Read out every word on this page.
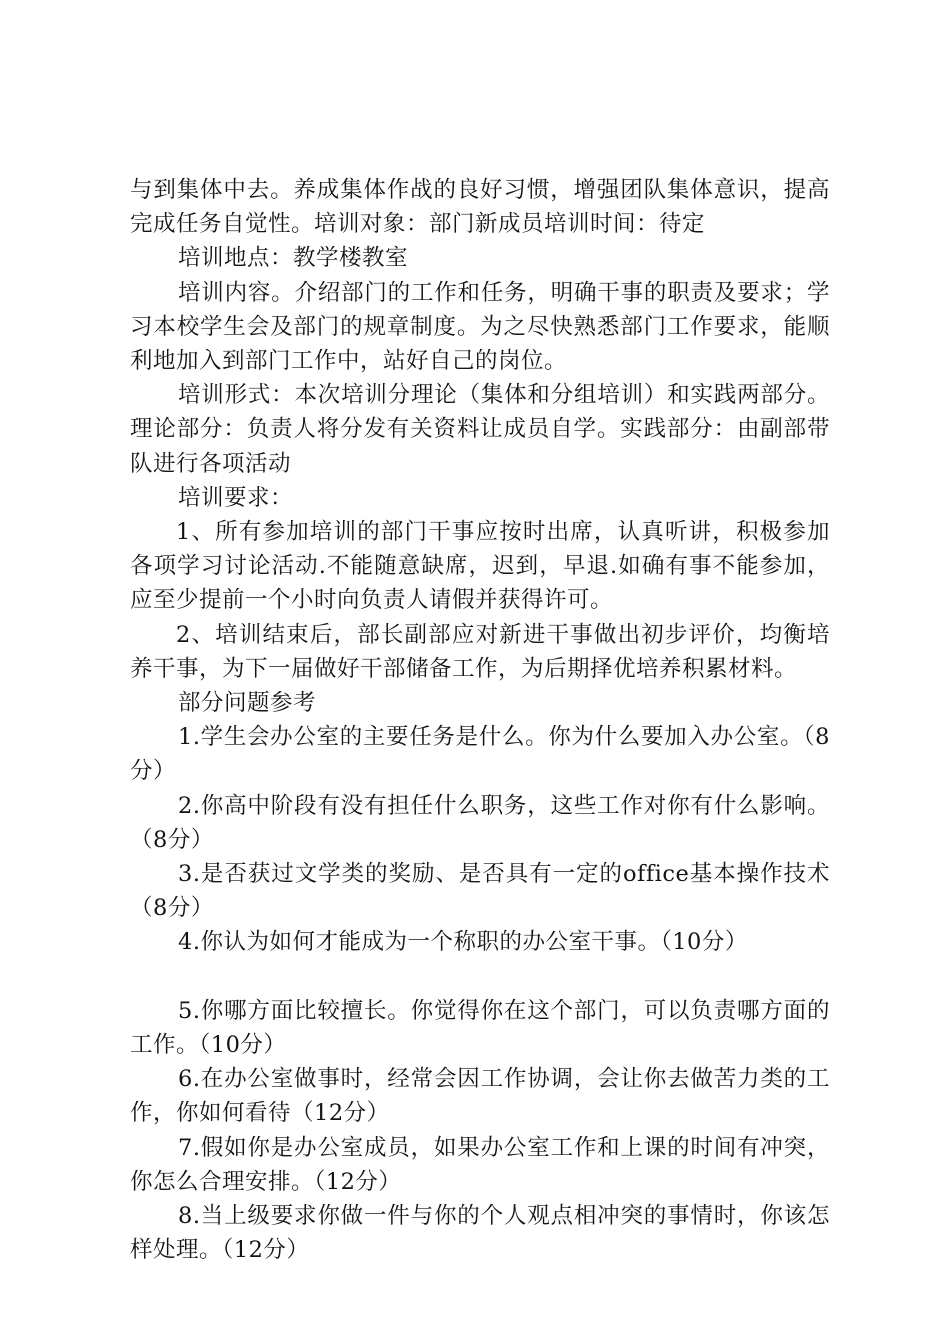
与到集体中去。养成集体作战的良好习惯，增强团队集体意识，提高完成任务自觉性。培训对象：部门新成员培训时间：待定

培训地点：教学楼教室

培训内容。介绍部门的工作和任务，明确干事的职责及要求；学习本校学生会及部门的规章制度。为之尽快熟悉部门工作要求，能顺利地加入到部门工作中，站好自己的岗位。

培训形式：本次培训分理论（集体和分组培训）和实践两部分。理论部分：负责人将分发有关资料让成员自学。实践部分：由副部带队进行各项活动

培训要求：

1、所有参加培训的部门干事应按时出席，认真听讲，积极参加各项学习讨论活动.不能随意缺席，迟到，早退.如确有事不能参加，应至少提前一个小时向负责人请假并获得许可。

2、培训结束后，部长副部应对新进干事做出初步评价，均衡培养干事，为下一届做好干部储备工作，为后期择优培养积累材料。

部分问题参考

1.学生会办公室的主要任务是什么。你为什么要加入办公室。（8分）

2.你高中阶段有没有担任什么职务，这些工作对你有什么影响。（8分）

3.是否获过文学类的奖励、是否具有一定的office基本操作技术（8分）

4.你认为如何才能成为一个称职的办公室干事。（10分）

5.你哪方面比较擅长。你觉得你在这个部门，可以负责哪方面的工作。（10分）

6.在办公室做事时，经常会因工作协调，会让你去做苦力类的工作，你如何看待（12分）

7.假如你是办公室成员，如果办公室工作和上课的时间有冲突，你怎么合理安排。（12分）

8.当上级要求你做一件与你的个人观点相冲突的事情时，你该怎样处理。（12分）
